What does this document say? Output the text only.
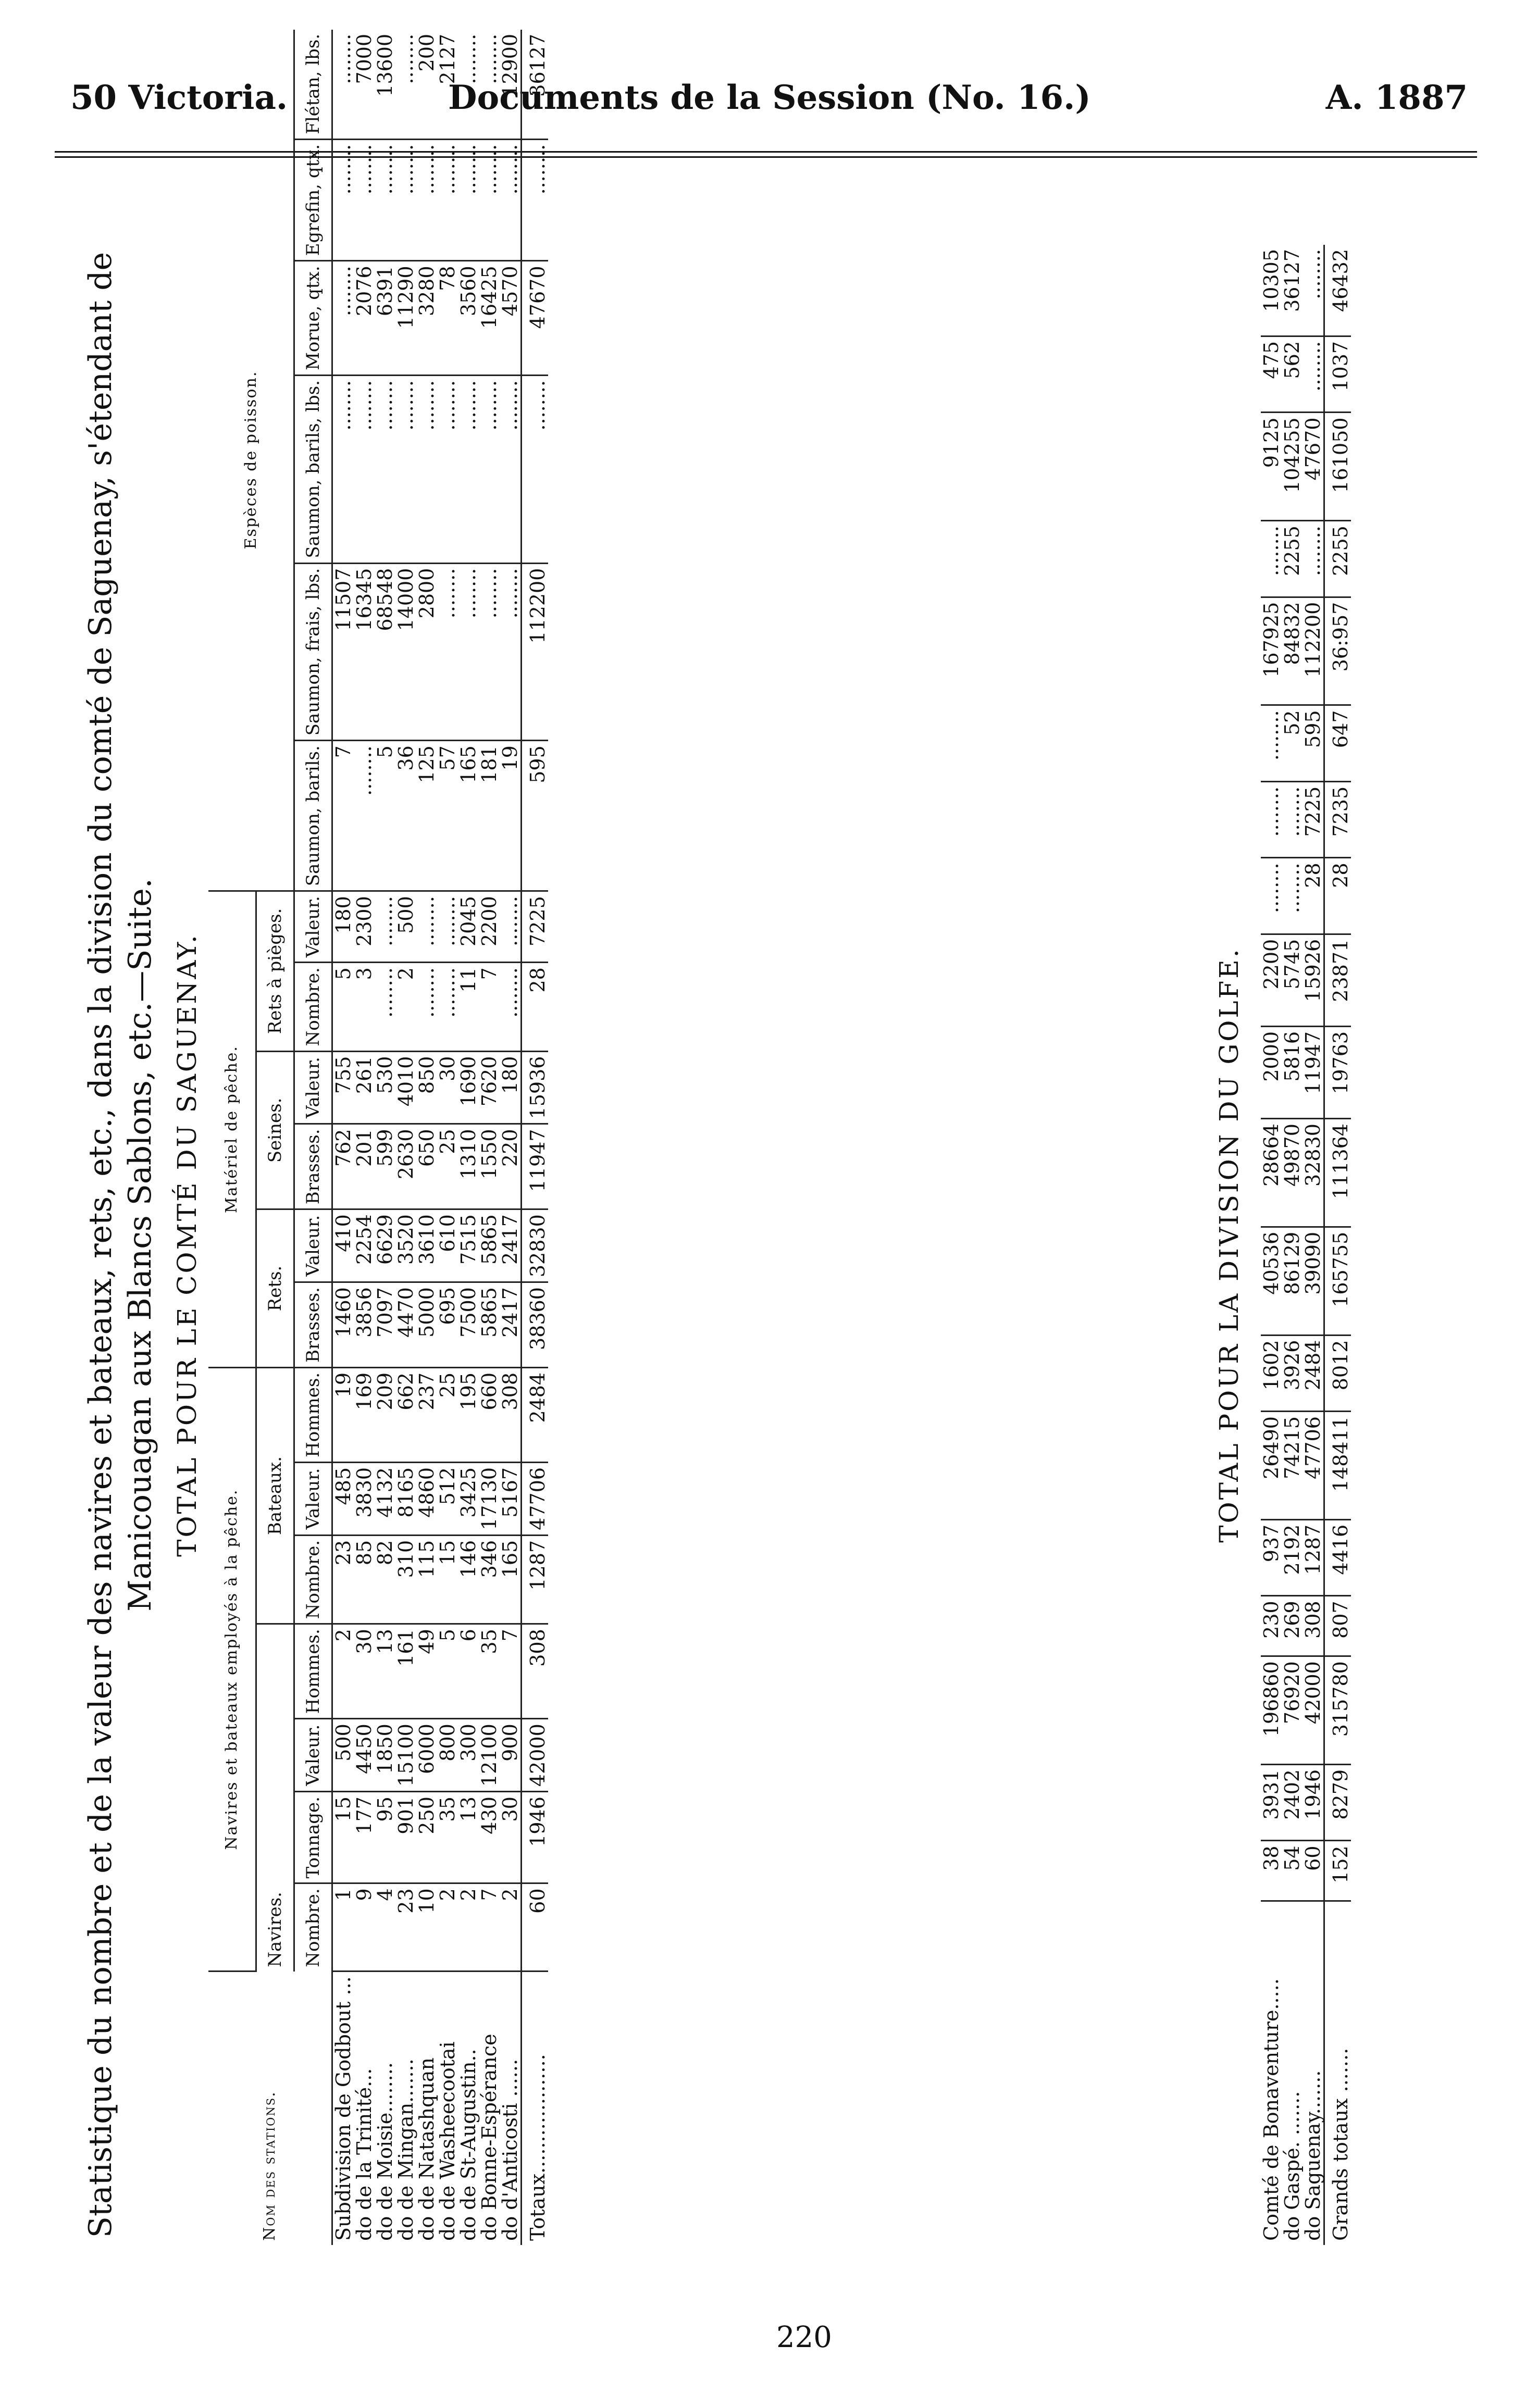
50 Victoria.	Documents de la Session (No. 16.)	A. 1887
Statistique du nombre et de la valeur des navires et bateaux, rets, etc., dans la division du comté de Saguenay, s'étendant de Manicouagan aux Blancs Sablons, etc.—Suite. TOTAL POUR LE COMTÉ DU SAGUENAY.
Nom des stations.	Navires et bateaux employés à la pêche.							Matériel de pêche.						Espèces de poisson.					
	Navires.				Bateaux.			Rets.		Seines.		Rets à pièges.							
	Nombre.	Tonnage.	Valeur.	Hommes.	Nombre.	Valeur.	Hommes.	Brasses.	Valeur.	Brasses.	Valeur.	Nombre.	Valeur.	Saumon, barils.	Saumon, frais, lbs.	Saumon, barils, lbs.	Morue, qtx.	Egrefin, qtx.	Flétan, lbs.
Subdivision de Godbout ...	1	15	500	2	23	485	19	1460	410	762	755	5	180	7	11507	........	........	........	........
do de la Trinité...	9	177	4450	30	85	3830	169	3856	2254	201	261	3	2300	........	16345	........	2076	........	7000
do de Moisie........	4	95	1850	13	82	4132	209	7097	6629	599	530	........	........	5	68548	........	6391	........	13600
do de Mingan.......	23	901	15100	161	310	8165	662	4470	3520	2630	4010	2	500	36	14000	........	11290	........	........
do de Natashquan	10	250	6000	49	115	4860	237	5000	3610	650	850	........	........	125	2800	........	3280	........	200
do de Washeecootai	2	35	800	5	15	512	25	695	610	25	30	........	........	57	........	........	78	........	2127
do de St-Augustin..	2	13	300	6	146	3425	195	7500	7515	1310	1690	11	2045	165	........	........	3560	........	........
do Bonne-Espérance	7	430	12100	35	346	17130	660	5865	5865	1550	7620	7	2200	181	........	........	16425	........	........
do d'Anticosti ......	2	30	900	7	165	5167	308	2417	2417	220	180	........	........	19	........	........	4570	........	12900
Totaux...................	60	1946	42000	308	1287	47706	2484	38360	32830	11947	15936	28	7225	595	112200	........	47670	........	36127
TOTAL POUR LA DIVISION DU GOLFE.
Comté de Bonaventure.....	38	3931	196860	230	937	26490	1602	40536	28664	2000	2200	........	........	........	167925	........	9125	475	10305
do Gaspé. .......	54	2402	76920	269	2192	74215	3926	86129	49870	5816	5745	........	........	52	84832	2255	104255	562	36127
do Saguenay.......	60	1946	42000	308	1287	47706	2484	39090	32830	11947	15926	28	7225	595	112200	........	47670	........	........
Grands totaux .......	152	8279	315780	807	4416	148411	8012	165755	111364	19763	23871	28	7235	647	36:957	2255	161050	1037	46432
220
